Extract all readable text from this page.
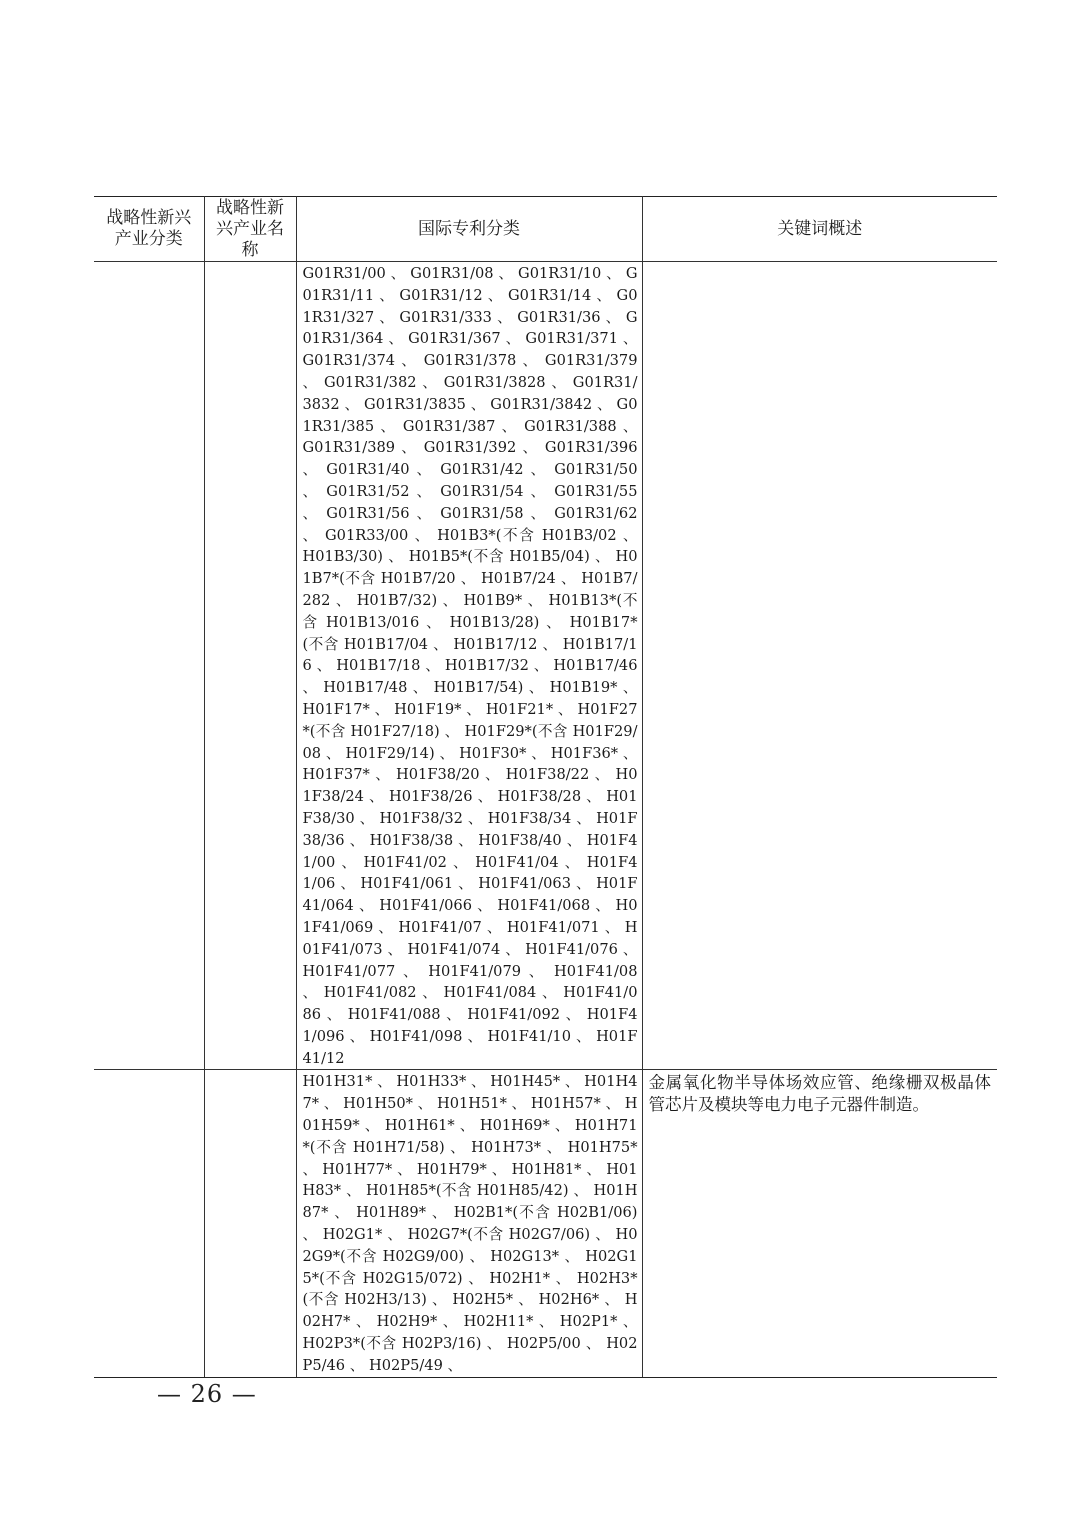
战略性新兴产业分类	战略性新兴产业名称	国际专利分类	关键词概述
		G01R31/00 、 G01R31/08 、 G01R31/10 、 G01R31/11 、 G01R31/12 、 G01R31/14 、 G01R31/327 、 G01R31/333 、 G01R31/36 、 G01R31/364 、 G01R31/367 、 G01R31/371 、 G01R31/374 、 G01R31/378 、 G01R31/379 、 G01R31/382 、 G01R31/3828 、 G01R31/3832 、 G01R31/3835 、 G01R31/3842 、 G01R31/385 、 G01R31/387 、 G01R31/388 、 G01R31/389 、 G01R31/392 、 G01R31/396 、 G01R31/40 、 G01R31/42 、 G01R31/50 、 G01R31/52 、 G01R31/54 、 G01R31/55 、 G01R31/56 、 G01R31/58 、 G01R31/62 、 G01R33/00 、 H01B3*(不含 H01B3/02 、 H01B3/30) 、 H01B5*(不含 H01B5/04) 、 H01B7*(不含 H01B7/20 、 H01B7/24 、 H01B7/282 、 H01B7/32) 、 H01B9* 、 H01B13*(不含 H01B13/016 、 H01B13/28) 、 H01B17*(不含 H01B17/04 、 H01B17/12 、 H01B17/16 、 H01B17/18 、 H01B17/32 、 H01B17/46 、 H01B17/48 、 H01B17/54) 、 H01B19* 、 H01F17* 、 H01F19* 、 H01F21* 、 H01F27*(不含 H01F27/18) 、 H01F29*(不含 H01F29/08 、 H01F29/14) 、 H01F30* 、 H01F36* 、 H01F37* 、 H01F38/20 、 H01F38/22 、 H01F38/24 、 H01F38/26 、 H01F38/28 、 H01F38/30 、 H01F38/32 、 H01F38/34 、 H01F38/36 、 H01F38/38 、 H01F38/40 、 H01F41/00 、 H01F41/02 、 H01F41/04 、 H01F41/06 、 H01F41/061 、 H01F41/063 、 H01F41/064 、 H01F41/066 、 H01F41/068 、 H01F41/069 、 H01F41/07 、 H01F41/071 、 H01F41/073 、 H01F41/074 、 H01F41/076 、 H01F41/077 、 H01F41/079 、 H01F41/08 、 H01F41/082 、 H01F41/084 、 H01F41/086 、 H01F41/088 、 H01F41/092 、 H01F41/096 、 H01F41/098 、 H01F41/10 、 H01F41/12	
		H01H31* 、 H01H33* 、 H01H45* 、 H01H47* 、 H01H50* 、 H01H51* 、 H01H57* 、 H01H59* 、 H01H61* 、 H01H69* 、 H01H71*(不含 H01H71/58) 、 H01H73* 、 H01H75* 、 H01H77* 、 H01H79* 、 H01H81* 、 H01H83* 、 H01H85*(不含 H01H85/42) 、 H01H87* 、 H01H89* 、 H02B1*(不含 H02B1/06) 、 H02G1* 、 H02G7*(不含 H02G7/06) 、 H02G9*(不含 H02G9/00) 、 H02G13* 、 H02G15*(不含 H02G15/072) 、 H02H1* 、 H02H3*(不含 H02H3/13) 、 H02H5* 、 H02H6* 、 H02H7* 、 H02H9* 、 H02H11* 、 H02P1* 、 H02P3*(不含 H02P3/16) 、 H02P5/00 、 H02P5/46 、 H02P5/49 、	金属氧化物半导体场效应管、绝缘栅双极晶体管芯片及模块等电力电子元器件制造。
— 26 —
